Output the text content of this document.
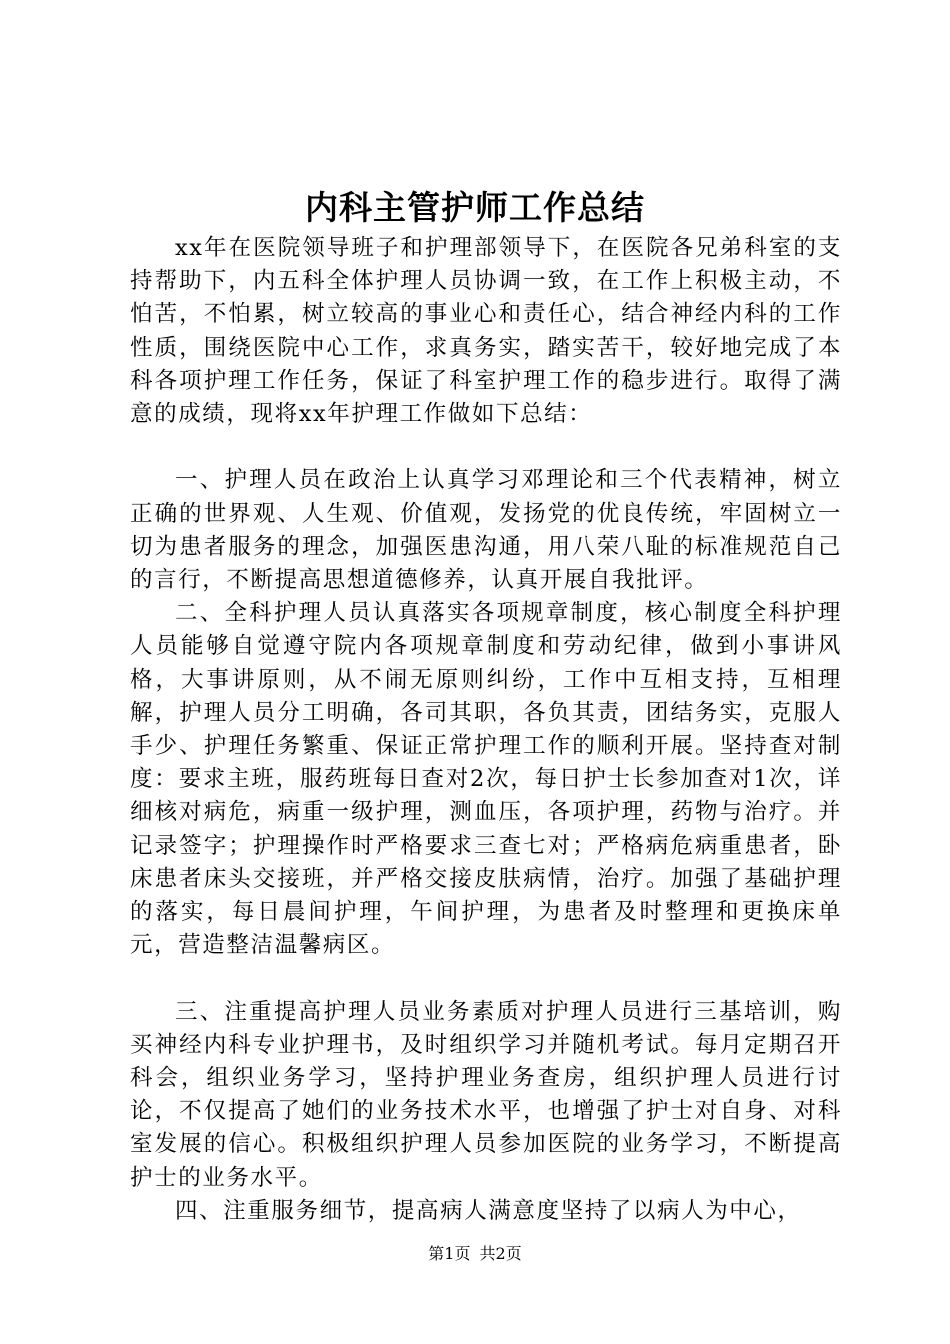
内科主管护师工作总结

xx年在医院领导班子和护理部领导下，在医院各兄弟科室的支持帮助下，内五科全体护理人员协调一致，在工作上积极主动，不怕苦，不怕累，树立较高的事业心和责任心，结合神经内科的工作性质，围绕医院中心工作，求真务实，踏实苦干，较好地完成了本科各项护理工作任务，保证了科室护理工作的稳步进行。取得了满意的成绩，现将xx年护理工作做如下总结：

一、护理人员在政治上认真学习邓理论和三个代表精神，树立正确的世界观、人生观、价值观，发扬党的优良传统，牢固树立一切为患者服务的理念，加强医患沟通，用八荣八耻的标准规范自己的言行，不断提高思想道德修养，认真开展自我批评。

二、全科护理人员认真落实各项规章制度，核心制度全科护理人员能够自觉遵守院内各项规章制度和劳动纪律，做到小事讲风格，大事讲原则，从不闹无原则纠纷，工作中互相支持，互相理解，护理人员分工明确，各司其职，各负其责，团结务实，克服人手少、护理任务繁重、保证正常护理工作的顺利开展。坚持查对制度：要求主班，服药班每日查对2次，每日护士长参加查对1次，详细核对病危，病重一级护理，测血压，各项护理，药物与治疗。并记录签字；护理操作时严格要求三查七对；严格病危病重患者，卧床患者床头交接班，并严格交接皮肤病情，治疗。加强了基础护理的落实，每日晨间护理，午间护理，为患者及时整理和更换床单元，营造整洁温馨病区。

三、注重提高护理人员业务素质对护理人员进行三基培训，购买神经内科专业护理书，及时组织学习并随机考试。每月定期召开科会，组织业务学习，坚持护理业务查房，组织护理人员进行讨论，不仅提高了她们的业务技术水平，也增强了护士对自身、对科室发展的信心。积极组织护理人员参加医院的业务学习，不断提高护士的业务水平。

四、注重服务细节，提高病人满意度坚持了以病人为中心，

第1页 共2页
